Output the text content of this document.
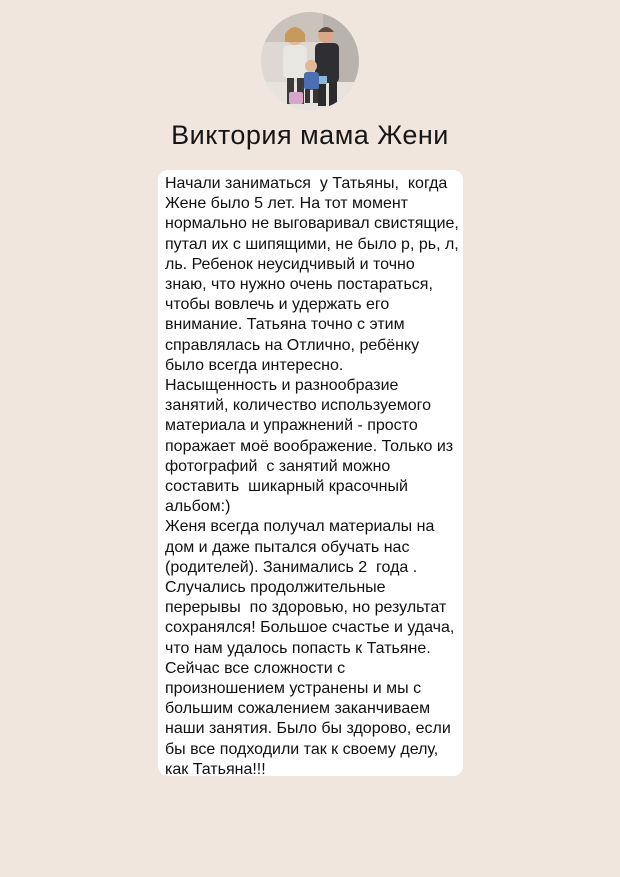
Виктория мама Жени

Начали заниматься  у Татьяны,  когда
Жене было 5 лет. На тот момент
нормально не выговаривал свистящие,
путал их с шипящими, не было р, рь, л,
ль. Ребенок неусидчивый и точно
знаю, что нужно очень постараться,
чтобы вовлечь и удержать его
внимание. Татьяна точно с этим
справлялась на Отлично, ребёнку
было всегда интересно.
Насыщенность и разнообразие
занятий, количество используемого
материала и упражнений - просто
поражает моё воображение. Только из
фотографий  с занятий можно
составить  шикарный красочный
альбом:)
Женя всегда получал материалы на
дом и даже пытался обучать нас
(родителей). Занимались 2  года .
Случались продолжительные
перерывы  по здоровью, но результат
сохранялся! Большое счастье и удача,
что нам удалось попасть к Татьяне.
Сейчас все сложности с
произношением устранены и мы с
большим сожалением заканчиваем
наши занятия. Было бы здорово, если
бы все подходили так к своему делу,
как Татьяна!!!
